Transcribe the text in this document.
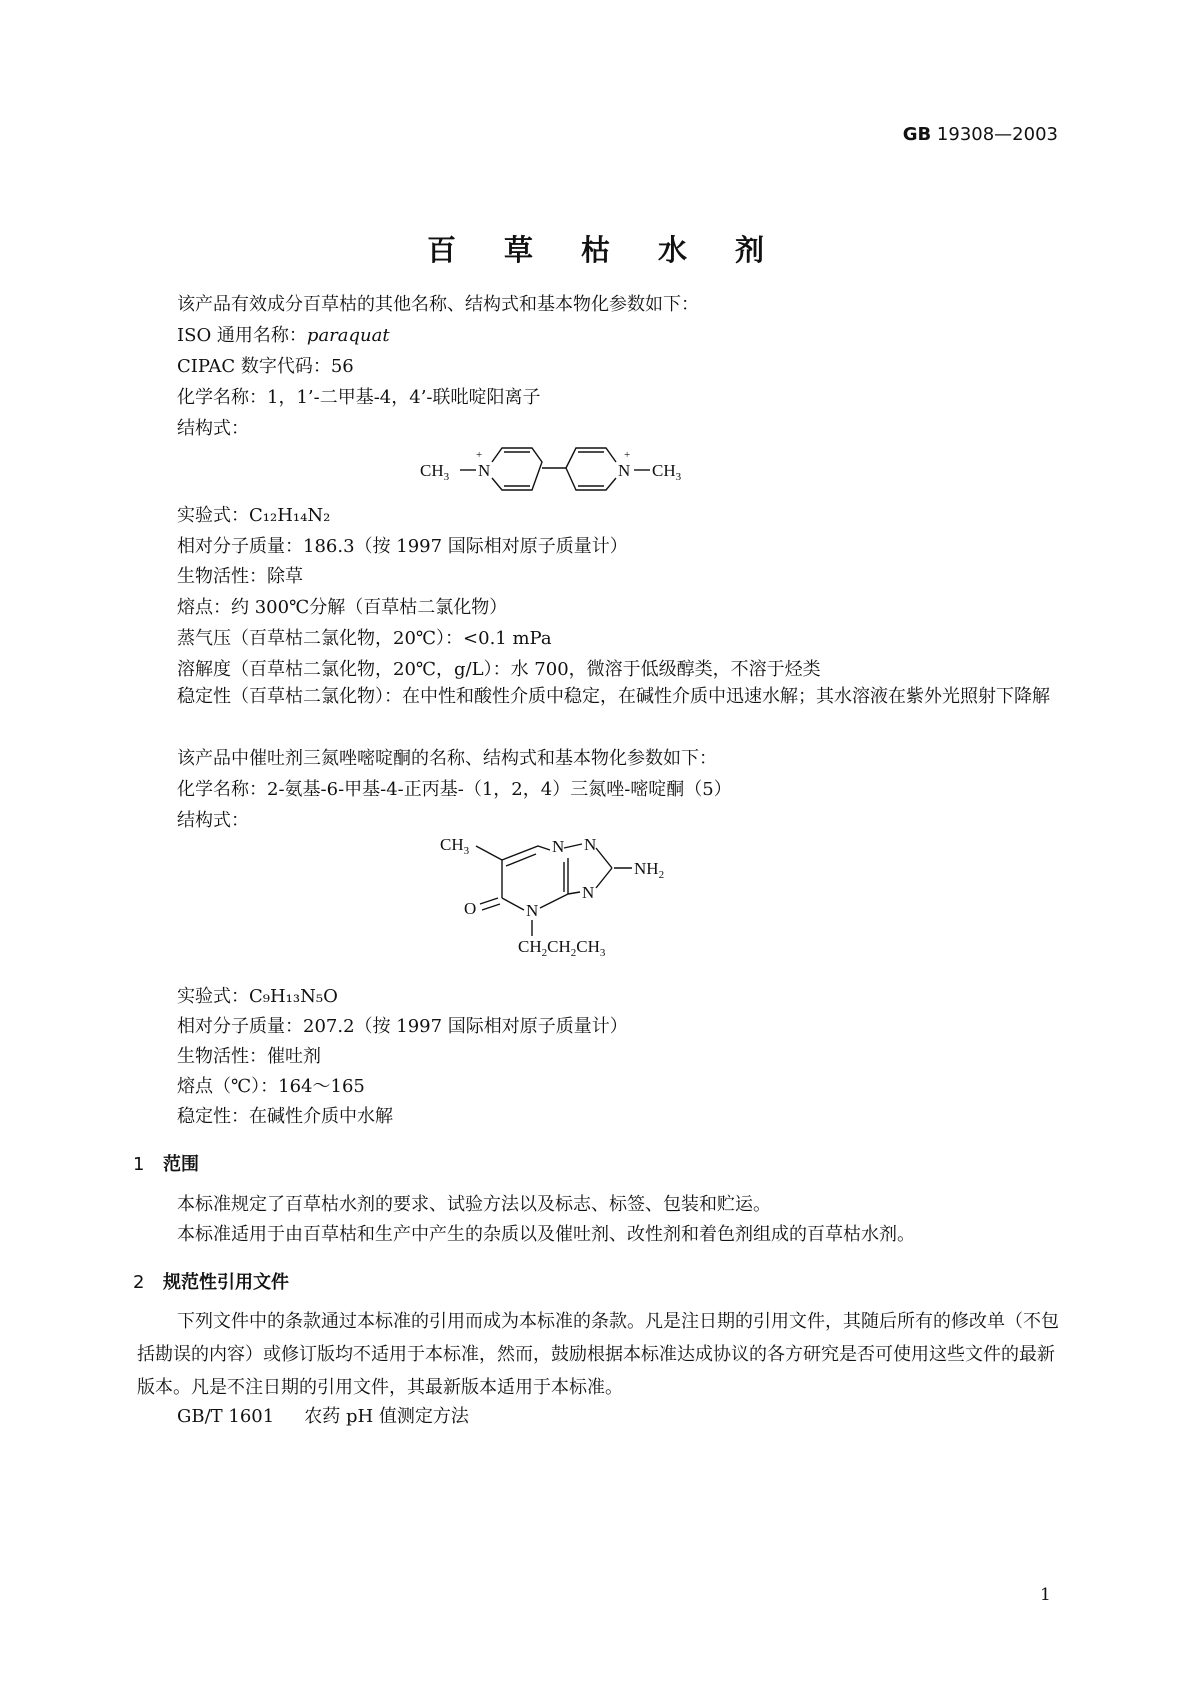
GB 19308—2003
百草枯水剂
该产品有效成分百草枯的其他名称、结构式和基本物化参数如下：
ISO 通用名称：paraquat
CIPAC 数字代码：56
化学名称：1，1’-二甲基-4，4’-联吡啶阳离子
结构式：
$CH_3$ N
+
N
+
$CH_3$
实验式：C₁₂H₁₄N₂
相对分子质量：186.3（按 1997 国际相对原子质量计）
生物活性：除草
熔点：约 300℃分解（百草枯二氯化物）
蒸气压（百草枯二氯化物，20℃）：<0.1 mPa
溶解度（百草枯二氯化物，20℃，g/L）：水 700，微溶于低级醇类，不溶于烃类
稳定性（百草枯二氯化物）：在中性和酸性介质中稳定，在碱性介质中迅速水解；其水溶液在紫外光照射下降解
该产品中催吐剂三氮唑嘧啶酮的名称、结构式和基本物化参数如下：
化学名称：2-氨基-6-甲基-4-正丙基-（1，2，4）三氮唑-嘧啶酮（5）
结构式：
$CH_3$
O	N
N N
N
$NH_2$
$CH_2CH_2CH_3$
实验式：C₉H₁₃N₅O
相对分子质量：207.2（按 1997 国际相对原子质量计）
生物活性：催吐剂
熔点（℃）：164～165
稳定性：在碱性介质中水解
1 范围
本标准规定了百草枯水剂的要求、试验方法以及标志、标签、包装和贮运。
本标准适用于由百草枯和生产中产生的杂质以及催吐剂、改性剂和着色剂组成的百草枯水剂。
2 规范性引用文件
下列文件中的条款通过本标准的引用而成为本标准的条款。凡是注日期的引用文件，其随后所有的修改单（不包括勘误的内容）或修订版均不适用于本标准，然而，鼓励根据本标准达成协议的各方研究是否可使用这些文件的最新版本。凡是不注日期的引用文件，其最新版本适用于本标准。
GB/T 1601 农药 pH 值测定方法
1
